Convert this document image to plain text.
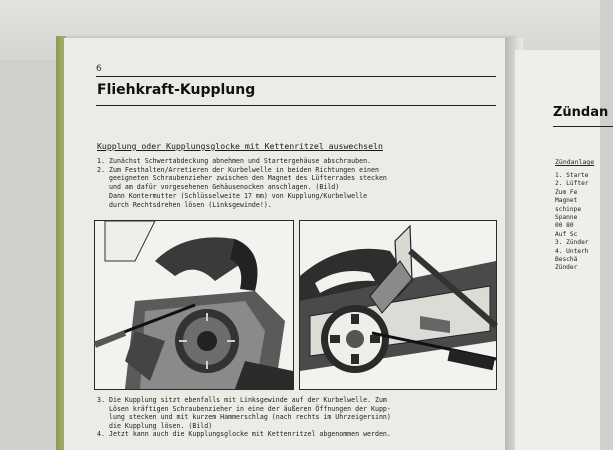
Zündan
Zündanlage
1. Starte
2. Lüfter
Zum Fe
Magnet
schinpe
Spanne
00 80
Auf Sc
3. Zünder
4. Unterh
Beschä
Zünder
6
Fliehkraft-Kupplung
Kupplung oder Kupplungsglocke mit Kettenritzel auswechseln
1. Zunächst Schwertabdeckung abnehmen und Startergehäuse abschrauben.
2. Zum Festhalten/Arretieren der Kurbelwelle in beiden Richtungen einen
geeigneten Schraubenzieher zwischen den Magnet des Lüfterrades stecken
und am dafür vorgesehenen Gehäusenocken anschlagen. (Bild)
Dann Kontermutter (Schlüsselweite 17 mm) von Kupplung/Kurbelwelle
durch Rechtsdrehen lösen (Linksgewinde!).
3. Die Kupplung sitzt ebenfalls mit Linksgewinde auf der Kurbelwelle. Zum
Lösen kräftigen Schraubenzieher in eine der äußeren Öffnungen der Kupp-
lung stecken und mit kurzem Hammerschlag (nach rechts im Uhrzeigersinn)
die Kupplung lösen. (Bild)
4. Jetzt kann auch die Kupplungsglocke mit Kettenritzel abgenommen werden.
